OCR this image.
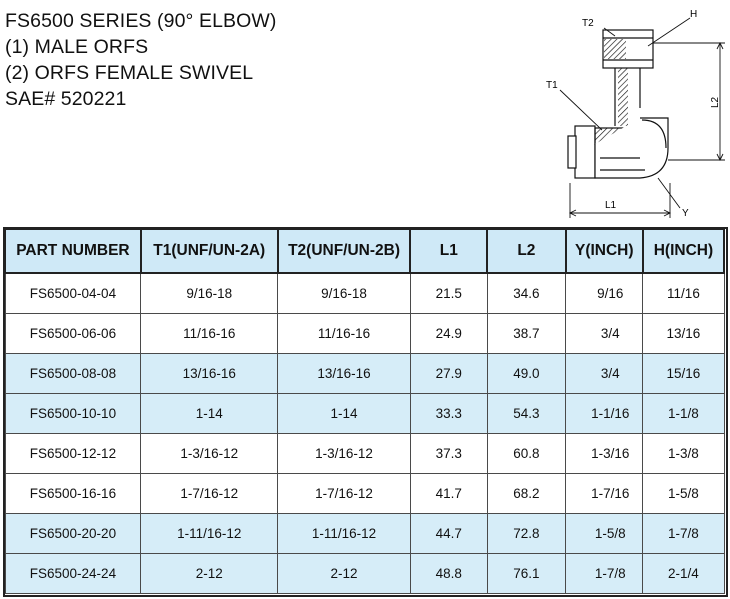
FS6500 SERIES (90° ELBOW)
(1) MALE ORFS
(2) ORFS FEMALE SWIVEL
SAE# 520221
T2
H
T1
L2
L1
Y
PART NUMBER	T1(UNF/UN-2A)	T2(UNF/UN-2B)	L1	L2	Y(INCH)	H(INCH)
FS6500-04-04	9/16-18	9/16-18	21.5	34.6	9/16	11/16
FS6500-06-06	11/16-16	11/16-16	24.9	38.7	3/4	13/16
FS6500-08-08	13/16-16	13/16-16	27.9	49.0	3/4	15/16
FS6500-10-10	1-14	1-14	33.3	54.3	1-1/16	1-1/8
FS6500-12-12	1-3/16-12	1-3/16-12	37.3	60.8	1-3/16	1-3/8
FS6500-16-16	1-7/16-12	1-7/16-12	41.7	68.2	1-7/16	1-5/8
FS6500-20-20	1-11/16-12	1-11/16-12	44.7	72.8	1-5/8	1-7/8
FS6500-24-24	2-12	2-12	48.8	76.1	1-7/8	2-1/4
